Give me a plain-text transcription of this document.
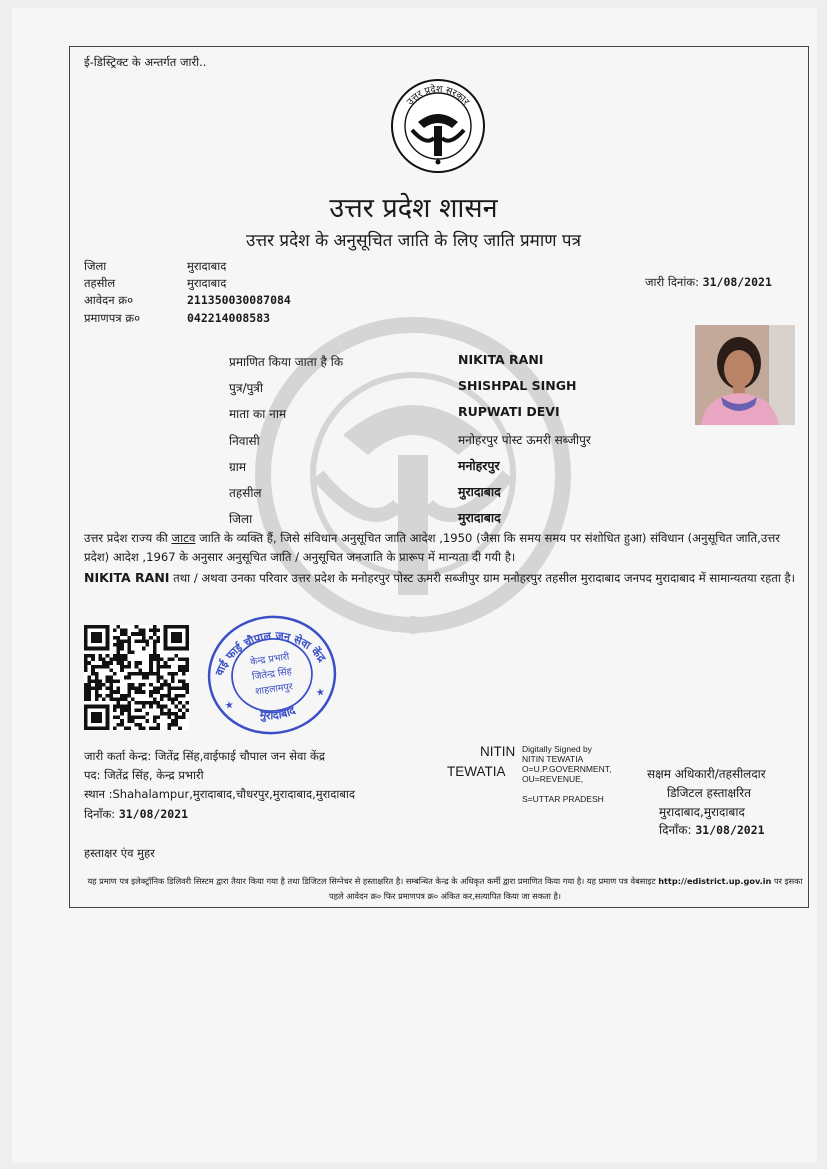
ई-डिस्ट्रिक्ट के अन्तर्गत जारी..
उत्तर प्रदेश सरकार
उत्तर प्रदेश शासन
उत्तर प्रदेश के अनुसूचित जाति के लिए जाति प्रमाण पत्र
जिला	मुरादाबाद
तहसील	मुरादाबाद
आवेदन क्र०	211350030087084
प्रमाणपत्र क्र०	042214008583
जारी दिनांक: 31/08/2021
प्रमाणित किया जाता है कि	NIKITA RANI
पुत्र/पुत्री	SHISHPAL SINGH
माता का नाम	RUPWATI DEVI
निवासी	मनोहरपुर पोस्ट ऊमरी सब्जीपुर
ग्राम	मनोहरपुर
तहसील	मुरादाबाद
जिला	मुरादाबाद
उत्तर प्रदेश राज्य की जाटव जाति के व्यक्ति हैं, जिसे संविधान अनुसूचित जाति आदेश ,1950 (जैसा कि समय समय पर संशोधित हुआ) संविधान (अनुसूचित जाति,उत्तर प्रदेश) आदेश ,1967 के अनुसार अनुसूचित जाति / अनुसूचित जनजाति के प्रारूप में मान्यता दी गयी है।
NIKITA RANI तथा / अथवा उनका परिवार उत्तर प्रदेश के मनोहरपुर पोस्ट ऊमरी सब्जीपुर ग्राम मनोहरपुर तहसील मुरादाबाद जनपद मुरादाबाद में सामान्यतया रहता है।
वाई फाई चौपाल जन सेवा केंद्र
मुरादाबाद
केन्द्र प्रभारी
जितेन्द्र सिंह
शाहलामपुर
★
★
जारी कर्ता केन्द्र: जितेंद्र सिंह,वाईफाई चौपाल जन सेवा केंद्र
पद: जितेंद्र सिंह, केन्द्र प्रभारी
स्थान :Shahalampur,मुरादाबाद,चौधरपुर,मुरादाबाद,मुरादाबाद
दिनाँक: 31/08/2021
हस्ताक्षर एंव मुहर
NITIN
TEWATIA
Digitally Signed by
NITIN TEWATIA
O=U.P.GOVERNMENT,
OU=REVENUE,
S=UTTAR PRADESH
सक्षम अधिकारी/तहसीलदार
डिजिटल हस्ताक्षरित
मुरादाबाद,मुरादाबाद
दिनाँक: 31/08/2021
यह प्रमाण पत्र इलेक्ट्रॉनिक डिलिवरी सिस्टम द्वारा तैयार किया गया है तथा डिजिटल सिग्नेचर से हस्ताक्षरित है। सम्बन्धित केन्द्र के अधिकृत कर्मी द्वारा प्रमाणित किया गया है। यह प्रमाण पत्र वेबसाइट http://edistrict.up.gov.in पर इसका पहले आवेदन क्र० फिर प्रमाणपत्र क्र० अंकित कर,सत्यापित किया जा सकता है।
